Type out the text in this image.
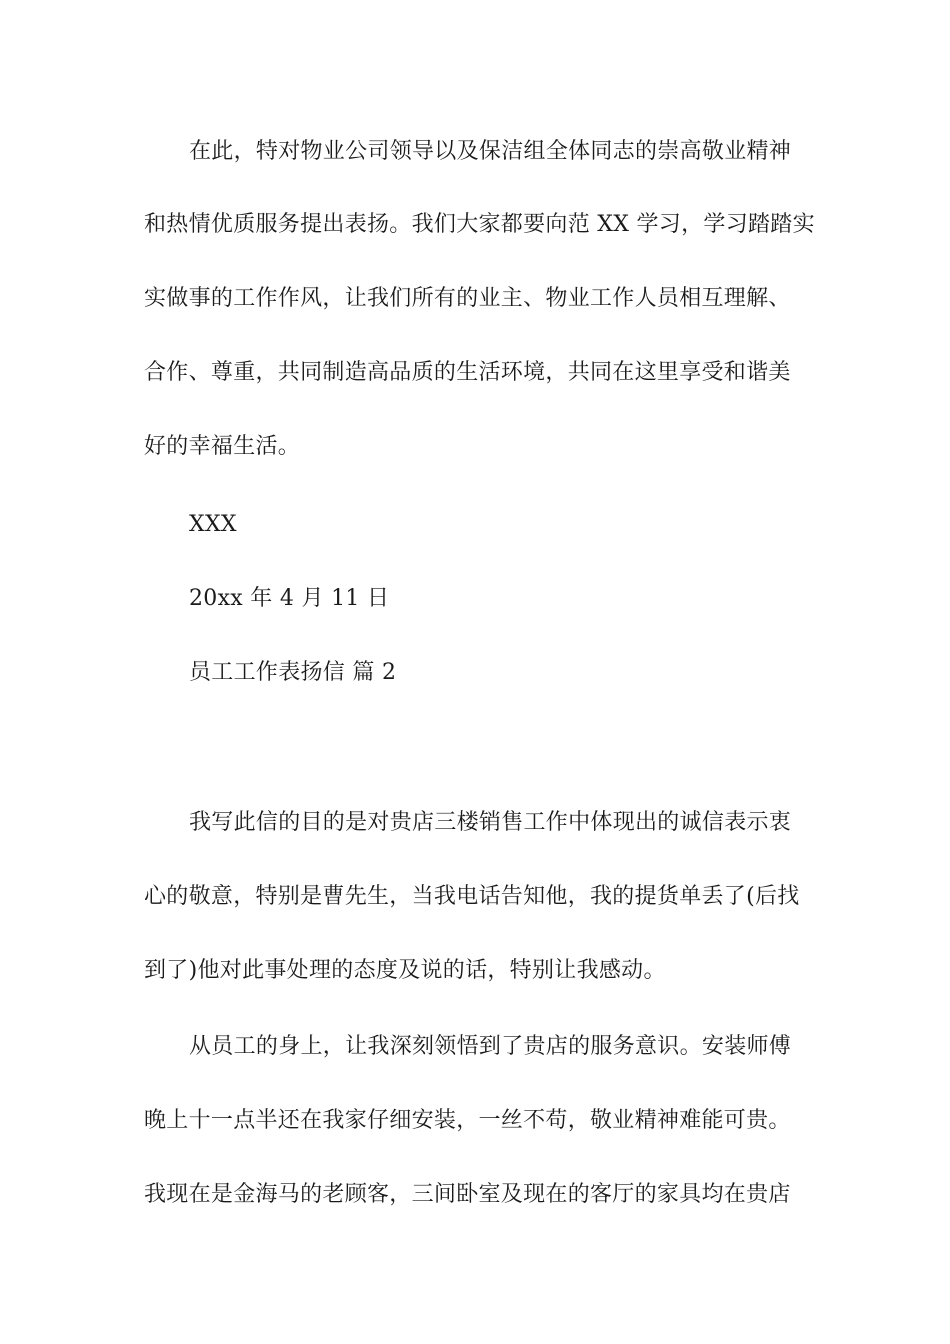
在此，特对物业公司领导以及保洁组全体同志的崇高敬业精神
和热情优质服务提出表扬。我们大家都要向范 XX 学习，学习踏踏实
实做事的工作作风，让我们所有的业主、物业工作人员相互理解、
合作、尊重，共同制造高品质的生活环境，共同在这里享受和谐美
好的幸福生活。
XXX
20xx 年 4 月 11 日
员工工作表扬信 篇 2
我写此信的目的是对贵店三楼销售工作中体现出的诚信表示衷
心的敬意，特别是曹先生，当我电话告知他，我的提货单丢了(后找
到了)他对此事处理的态度及说的话，特别让我感动。
从员工的身上，让我深刻领悟到了贵店的服务意识。安装师傅
晚上十一点半还在我家仔细安装，一丝不苟，敬业精神难能可贵。
我现在是金海马的老顾客，三间卧室及现在的客厅的家具均在贵店
